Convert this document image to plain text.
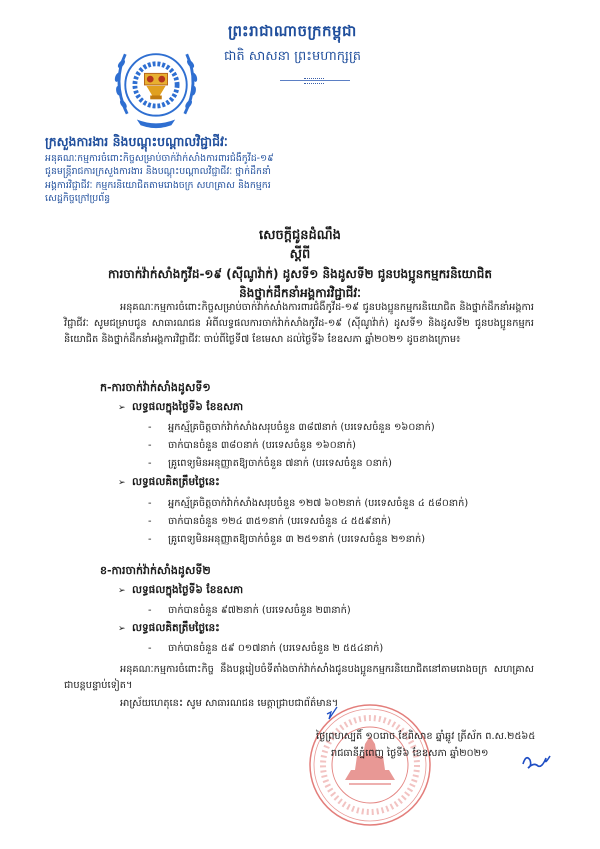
ព្រះរាជាណាចក្រកម្ពុជា
ជាតិ សាសនា ព្រះមហាក្សត្រ
ក្រសួងការងារ និងបណ្តុះបណ្តាលវិជ្ជាជីវៈ
អនុគណៈកម្មការចំពោះកិច្ចសម្រាប់ចាក់វ៉ាក់សាំងការពារជំងឺកូវីដ-១៩
ជូនមន្ត្រីរាជការក្រសួងការងារ និងបណ្តុះបណ្តាលវិជ្ជាជីវៈ ថ្នាក់ដឹកនាំ
អង្គការវិជ្ជាជីវៈ កម្មករនិយោជិតតាមរោងចក្រ សហគ្រាស និងកម្មករ
សេដ្ឋកិច្ចក្រៅប្រព័ន្ធ
សេចក្តីជូនដំណឹង
ស្តីពី
ការចាក់វ៉ាក់សាំងកូវីដ-១៩ (ស៊ីណូវ៉ាក់) ដូសទី១ និងដូសទី២ ជូនបងប្អូនកម្មករនិយោជិត
និងថ្នាក់ដឹកនាំអង្គការវិជ្ជាជីវៈ
អនុគណៈកម្មការចំពោះកិច្ចសម្រាប់ចាក់វ៉ាក់សាំងការពារជំងឺកូវីដ-១៩ ជូនបងប្អូនកម្មករនិយោជិត និងថ្នាក់ដឹកនាំអង្គការវិជ្ជាជីវៈ សូមជម្រាបជូន សាធារណជន អំពីលទ្ធផលការចាក់វ៉ាក់សាំងកូវីដ-១៩ (ស៊ីណូវ៉ាក់) ដូសទី១ និងដូសទី២ ជូនបងប្អូនកម្មករនិយោជិត និងថ្នាក់ដឹកនាំអង្គការវិជ្ជាជីវៈ ចាប់ពីថ្ងៃទី៧ ខែមេសា ដល់ថ្ងៃទី៦ ខែឧសភា ឆ្នាំ២០២១ ដូចខាងក្រោម៖
ក-ការចាក់វ៉ាក់សាំងដូសទី១
➢ លទ្ធផលក្នុងថ្ងៃទី៦ ខែឧសភា
- អ្នកស្ម័គ្រចិត្តចាក់វ៉ាក់សាំងសរុបចំនួន ៣៨៧នាក់ (បរទេសចំនួន ១៦០នាក់)
- ចាក់បានចំនួន ៣៨០នាក់ (បរទេសចំនួន ១៦០នាក់)
- គ្រូពេទ្យមិនអនុញ្ញាតឱ្យចាក់ចំនួន ៧នាក់ (បរទេសចំនួន ០នាក់)
➢ លទ្ធផលគិតត្រឹមថ្ងៃនេះ
- អ្នកស្ម័គ្រចិត្តចាក់វ៉ាក់សាំងសរុបចំនួន ១២៧ ៦០២នាក់ (បរទេសចំនួន ៤ ៥៨០នាក់)
- ចាក់បានចំនួន ១២៤ ៣៥១នាក់ (បរទេសចំនួន ៤ ៥៥៩នាក់)
- គ្រូពេទ្យមិនអនុញ្ញាតឱ្យចាក់ចំនួន ៣ ២៥១នាក់ (បរទេសចំនួន ២១នាក់)
ខ-ការចាក់វ៉ាក់សាំងដូសទី២
➢ លទ្ធផលក្នុងថ្ងៃទី៦ ខែឧសភា
- ចាក់បានចំនួន ៩៧២នាក់ (បរទេសចំនួន ២៣នាក់)
➢ លទ្ធផលគិតត្រឹមថ្ងៃនេះ
- ចាក់បានចំនួន ៥៩ ០១៧នាក់ (បរទេសចំនួន ២ ៥៥៤នាក់)
អនុគណៈកម្មការចំពោះកិច្ច នឹងបន្តរៀបចំទីតាំងចាក់វ៉ាក់សាំងជូនបងប្អូនកម្មករនិយោជិតនៅតាមរោងចក្រ សហគ្រាស ជាបន្តបន្ទាប់ទៀត។
អាស្រ័យហេតុនេះ សូម សាធារណជន មេត្តាជ្រាបជាព័ត៌មាន។
ថ្ងៃព្រហស្បតិ៍ ១០រោច ខែពិសាខ ឆ្នាំឆ្លូវ ត្រីស័ក ព.ស.២៥៦៥
រាជធានីភ្នំពេញ ថ្ងៃទី៦ ខែឧសភា ឆ្នាំ២០២១
